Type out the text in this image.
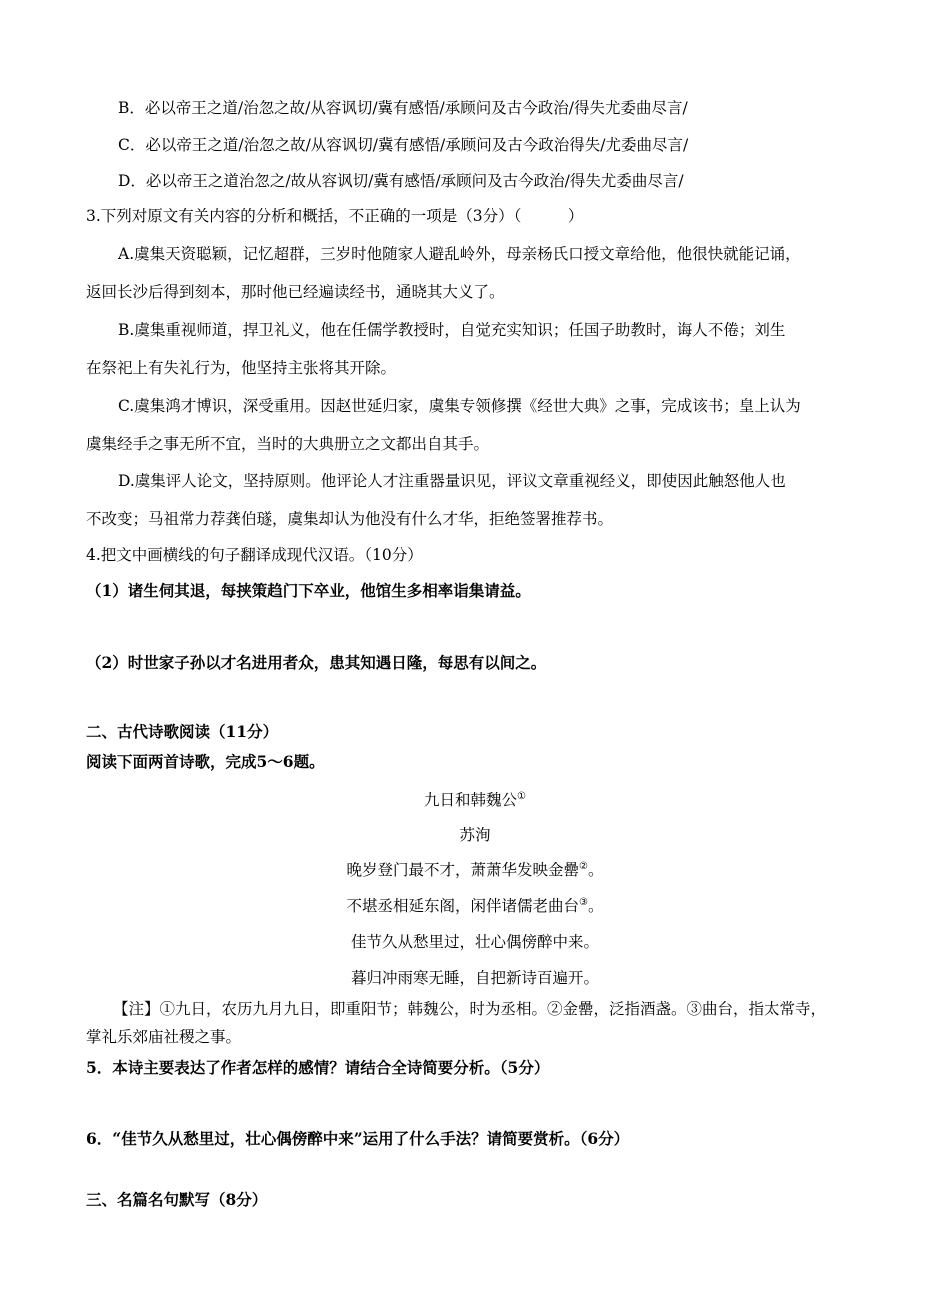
B．必以帝王之道/治忽之故/从容讽切/冀有感悟/承顾问及古今政治/得失尤委曲尽言/
C．必以帝王之道/治忽之故/从容讽切/冀有感悟/承顾问及古今政治得失/尤委曲尽言/
D．必以帝王之道治忽之/故从容讽切/冀有感悟/承顾问及古今政治/得失尤委曲尽言/
3.下列对原文有关内容的分析和概括，不正确的一项是（3分）（　　　）
A.虞集天资聪颖，记忆超群，三岁时他随家人避乱岭外，母亲杨氏口授文章给他，他很快就能记诵，
返回长沙后得到刻本，那时他已经遍读经书，通晓其大义了。
B.虞集重视师道，捍卫礼义，他在任儒学教授时，自觉充实知识；任国子助教时，诲人不倦；刘生
在祭祀上有失礼行为，他坚持主张将其开除。
C.虞集鸿才博识，深受重用。因赵世延归家，虞集专领修撰《经世大典》之事，完成该书；皇上认为
虞集经手之事无所不宜，当时的大典册立之文都出自其手。
D.虞集评人论文，坚持原则。他评论人才注重器量识见，评议文章重视经义，即使因此触怒他人也
不改变；马祖常力荐龚伯璲，虞集却认为他没有什么才华，拒绝签署推荐书。
4.把文中画横线的句子翻译成现代汉语。（10分）
（1）诸生伺其退，每挟策趋门下卒业，他馆生多相率诣集请益。
（2）时世家子孙以才名进用者众，患其知遇日隆，每思有以间之。
二、古代诗歌阅读（11分）
阅读下面两首诗歌，完成5～6题。
九日和韩魏公①
苏洵
晚岁登门最不才，萧萧华发映金罍②。
不堪丞相延东阁，闲伴诸儒老曲台③。
佳节久从愁里过，壮心偶傍醉中来。
暮归冲雨寒无睡，自把新诗百遍开。
【注】①九日，农历九月九日，即重阳节；韩魏公，时为丞相。②金罍，泛指酒盏。③曲台，指太常寺，
掌礼乐郊庙社稷之事。
5．本诗主要表达了作者怎样的感情？请结合全诗简要分析。（5分）
6．“佳节久从愁里过，壮心偶傍醉中来”运用了什么手法？请简要赏析。（6分）
三、名篇名句默写（8分）
